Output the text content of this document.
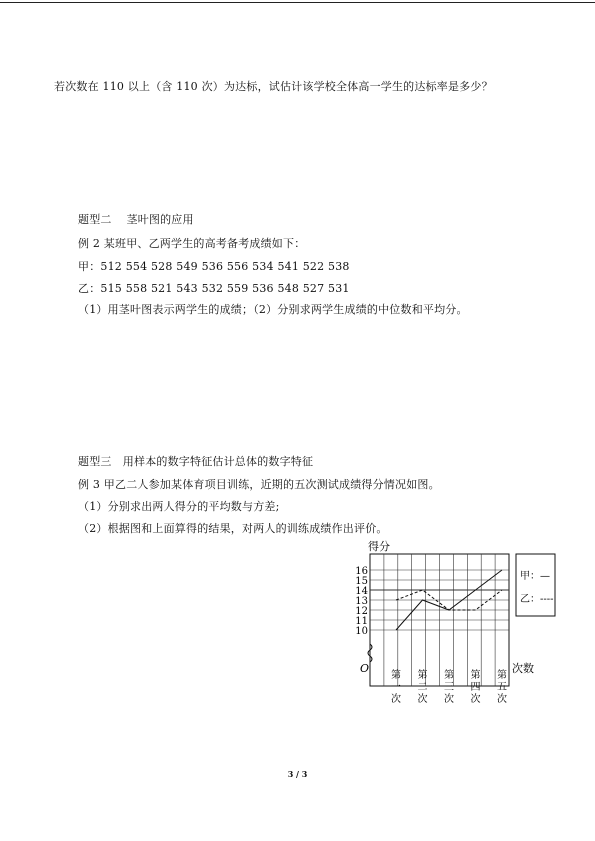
若次数在 110 以上（含 110 次）为达标，试估计该学校全体高一学生的达标率是多少？
题型二　 茎叶图的应用
例 2 某班甲、乙两学生的高考备考成绩如下：
甲：512 554 528 549 536 556 534 541 522 538
乙：515 558 521 543 532 559 536 548 527 531
（1）用茎叶图表示两学生的成绩；（2）分别求两学生成绩的中位数和平均分。
题型三　用样本的数字特征估计总体的数字特征
例 3 甲乙二人参加某体育项目训练，近期的五次测试成绩得分情况如图。
（1）分别求出两人得分的平均数与方差;
（2）根据图和上面算得的结果，对两人的训练成绩作出评价。
得分
10
11
12
13
14
15
16
O	次数
第一次
第二次
第三次
第四次
第五次
甲：—
乙：----
3 / 3
